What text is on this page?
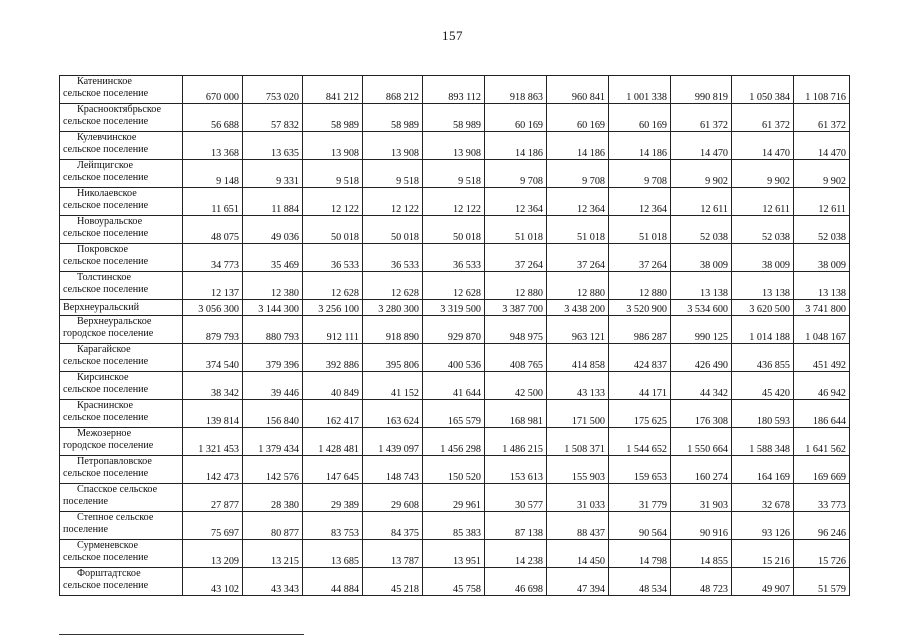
157
Катенинское
сельское поселение	670 000	753 020	841 212	868 212	893 112	918 863	960 841	1 001 338	990 819	1 050 384	1 108 716

Краснооктябрьское
сельское поселение	56 688	57 832	58 989	58 989	58 989	60 169	60 169	60 169	61 372	61 372	61 372

Кулевчинское
сельское поселение	13 368	13 635	13 908	13 908	13 908	14 186	14 186	14 186	14 470	14 470	14 470

Лейпцигское
сельское поселение	9 148	9 331	9 518	9 518	9 518	9 708	9 708	9 708	9 902	9 902	9 902

Николаевское
сельское поселение	11 651	11 884	12 122	12 122	12 122	12 364	12 364	12 364	12 611	12 611	12 611

Новоуральское
сельское поселение	48 075	49 036	50 018	50 018	50 018	51 018	51 018	51 018	52 038	52 038	52 038

Покровское
сельское поселение	34 773	35 469	36 533	36 533	36 533	37 264	37 264	37 264	38 009	38 009	38 009

Толстинское
сельское поселение	12 137	12 380	12 628	12 628	12 628	12 880	12 880	12 880	13 138	13 138	13 138

Верхнеуральский	3 056 300	3 144 300	3 256 100	3 280 300	3 319 500	3 387 700	3 438 200	3 520 900	3 534 600	3 620 500	3 741 800

Верхнеуральское
городское поселение	879 793	880 793	912 111	918 890	929 870	948 975	963 121	986 287	990 125	1 014 188	1 048 167

Карагайское
сельское поселение	374 540	379 396	392 886	395 806	400 536	408 765	414 858	424 837	426 490	436 855	451 492

Кирсинское
сельское поселение	38 342	39 446	40 849	41 152	41 644	42 500	43 133	44 171	44 342	45 420	46 942

Краснинское
сельское поселение	139 814	156 840	162 417	163 624	165 579	168 981	171 500	175 625	176 308	180 593	186 644

Межозерное
городское поселение	1 321 453	1 379 434	1 428 481	1 439 097	1 456 298	1 486 215	1 508 371	1 544 652	1 550 664	1 588 348	1 641 562

Петропавловское
сельское поселение	142 473	142 576	147 645	148 743	150 520	153 613	155 903	159 653	160 274	164 169	169 669

Спасское сельское
поселение	27 877	28 380	29 389	29 608	29 961	30 577	31 033	31 779	31 903	32 678	33 773

Степное сельское
поселение	75 697	80 877	83 753	84 375	85 383	87 138	88 437	90 564	90 916	93 126	96 246

Сурменевское
сельское поселение	13 209	13 215	13 685	13 787	13 951	14 238	14 450	14 798	14 855	15 216	15 726

Форштадтское
сельское поселение	43 102	43 343	44 884	45 218	45 758	46 698	47 394	48 534	48 723	49 907	51 579
